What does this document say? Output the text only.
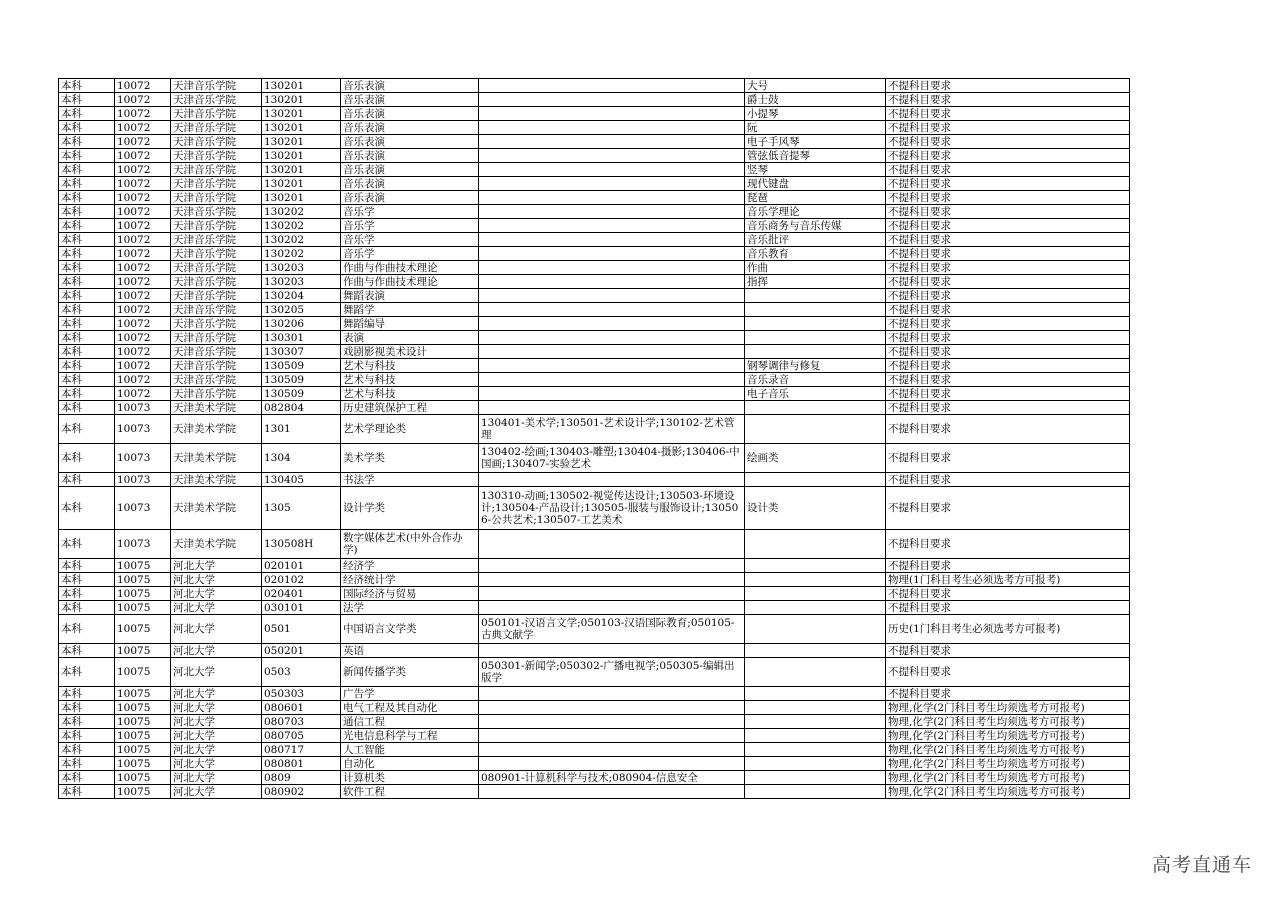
本科	10072	天津音乐学院	130201	音乐表演		大号	不提科目要求
本科	10072	天津音乐学院	130201	音乐表演		爵士鼓	不提科目要求
本科	10072	天津音乐学院	130201	音乐表演		小提琴	不提科目要求
本科	10072	天津音乐学院	130201	音乐表演		阮	不提科目要求
本科	10072	天津音乐学院	130201	音乐表演		电子手风琴	不提科目要求
本科	10072	天津音乐学院	130201	音乐表演		管弦低音提琴	不提科目要求
本科	10072	天津音乐学院	130201	音乐表演		竖琴	不提科目要求
本科	10072	天津音乐学院	130201	音乐表演		现代键盘	不提科目要求
本科	10072	天津音乐学院	130201	音乐表演		琵琶	不提科目要求
本科	10072	天津音乐学院	130202	音乐学		音乐学理论	不提科目要求
本科	10072	天津音乐学院	130202	音乐学		音乐商务与音乐传媒	不提科目要求
本科	10072	天津音乐学院	130202	音乐学		音乐批评	不提科目要求
本科	10072	天津音乐学院	130202	音乐学		音乐教育	不提科目要求
本科	10072	天津音乐学院	130203	作曲与作曲技术理论		作曲	不提科目要求
本科	10072	天津音乐学院	130203	作曲与作曲技术理论		指挥	不提科目要求
本科	10072	天津音乐学院	130204	舞蹈表演			不提科目要求
本科	10072	天津音乐学院	130205	舞蹈学			不提科目要求
本科	10072	天津音乐学院	130206	舞蹈编导			不提科目要求
本科	10072	天津音乐学院	130301	表演			不提科目要求
本科	10072	天津音乐学院	130307	戏剧影视美术设计			不提科目要求
本科	10072	天津音乐学院	130509	艺术与科技		钢琴调律与修复	不提科目要求
本科	10072	天津音乐学院	130509	艺术与科技		音乐录音	不提科目要求
本科	10072	天津音乐学院	130509	艺术与科技		电子音乐	不提科目要求
本科	10073	天津美术学院	082804	历史建筑保护工程			不提科目要求
本科	10073	天津美术学院	1301	艺术学理论类	130401-美术学;130501-艺术设计学;130102-艺术管理		不提科目要求
本科	10073	天津美术学院	1304	美术学类	130402-绘画;130403-雕塑;130404-摄影;130406-中国画;130407-实验艺术	绘画类	不提科目要求
本科	10073	天津美术学院	130405	书法学			不提科目要求
本科	10073	天津美术学院	1305	设计学类	130310-动画;130502-视觉传达设计;130503-环境设计;130504-产品设计;130505-服装与服饰设计;130506-公共艺术;130507-工艺美术	设计类	不提科目要求
本科	10073	天津美术学院	130508H	数字媒体艺术(中外合作办学)			不提科目要求
本科	10075	河北大学	020101	经济学			不提科目要求
本科	10075	河北大学	020102	经济统计学			物理(1门科目考生必须选考方可报考)
本科	10075	河北大学	020401	国际经济与贸易			不提科目要求
本科	10075	河北大学	030101	法学			不提科目要求
本科	10075	河北大学	0501	中国语言文学类	050101-汉语言文学;050103-汉语国际教育;050105-古典文献学		历史(1门科目考生必须选考方可报考)
本科	10075	河北大学	050201	英语			不提科目要求
本科	10075	河北大学	0503	新闻传播学类	050301-新闻学;050302-广播电视学;050305-编辑出版学		不提科目要求
本科	10075	河北大学	050303	广告学			不提科目要求
本科	10075	河北大学	080601	电气工程及其自动化			物理,化学(2门科目考生均须选考方可报考)
本科	10075	河北大学	080703	通信工程			物理,化学(2门科目考生均须选考方可报考)
本科	10075	河北大学	080705	光电信息科学与工程			物理,化学(2门科目考生均须选考方可报考)
本科	10075	河北大学	080717	人工智能			物理,化学(2门科目考生均须选考方可报考)
本科	10075	河北大学	080801	自动化			物理,化学(2门科目考生均须选考方可报考)
本科	10075	河北大学	0809	计算机类	080901-计算机科学与技术;080904-信息安全		物理,化学(2门科目考生均须选考方可报考)
本科	10075	河北大学	080902	软件工程			物理,化学(2门科目考生均须选考方可报考)
高考直通车
